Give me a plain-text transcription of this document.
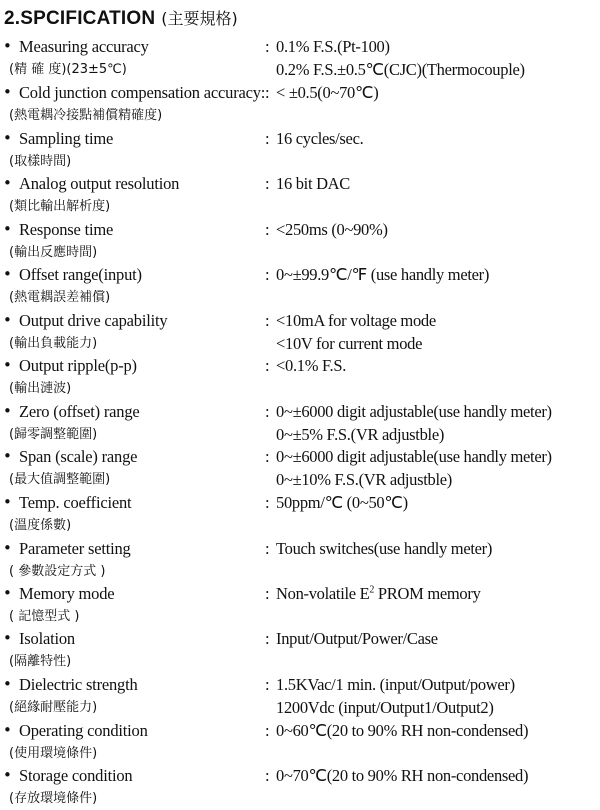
2.SPCIFICATION (主要規格)
• Measuring accuracy	: 0.1% F.S.(Pt-100)
(精 確 度)(23±5℃)	0.2% F.S.±0.5℃(CJC)(Thermocouple)
• Cold junction compensation accuracy: : < ±0.5(0~70℃)
(熱電耦冷接點補償精確度)
• Sampling time	: 16 cycles/sec.
(取樣時間)
• Analog output resolution	: 16 bit DAC
(類比輸出解析度)
• Response time	: <250ms (0~90%)
(輸出反應時間)
• Offset range(input)	: 0~±99.9℃/℉ (use handly meter)
(熱電耦誤差補償)
• Output drive capability	: <10mA for voltage mode
(輸出負載能力)	<10V for current mode
• Output ripple(p-p)	: <0.1% F.S.
(輸出漣波)
• Zero (offset) range	: 0~±6000 digit adjustable(use handly meter)
(歸零調整範圍)	0~±5% F.S.(VR adjustble)
• Span (scale) range	: 0~±6000 digit adjustable(use handly meter)
(最大值調整範圍)	0~±10% F.S.(VR adjustble)
• Temp. coefficient	: 50ppm/℃ (0~50℃)
(溫度係數)
• Parameter setting	: Touch switches(use handly meter)
( 參數設定方式 )
• Memory mode	: Non-volatile $E^2$ PROM memory
( 記憶型式 )
• Isolation	: Input/Output/Power/Case
(隔離特性)
• Dielectric strength	: 1.5KVac/1 min. (input/Output/power)
(絕緣耐壓能力)	1200Vdc (input/Output1/Output2)
• Operating condition	: 0~60℃(20 to 90% RH non-condensed)
(使用環境條件)
• Storage condition	: 0~70℃(20 to 90% RH non-condensed)
(存放環境條件)
